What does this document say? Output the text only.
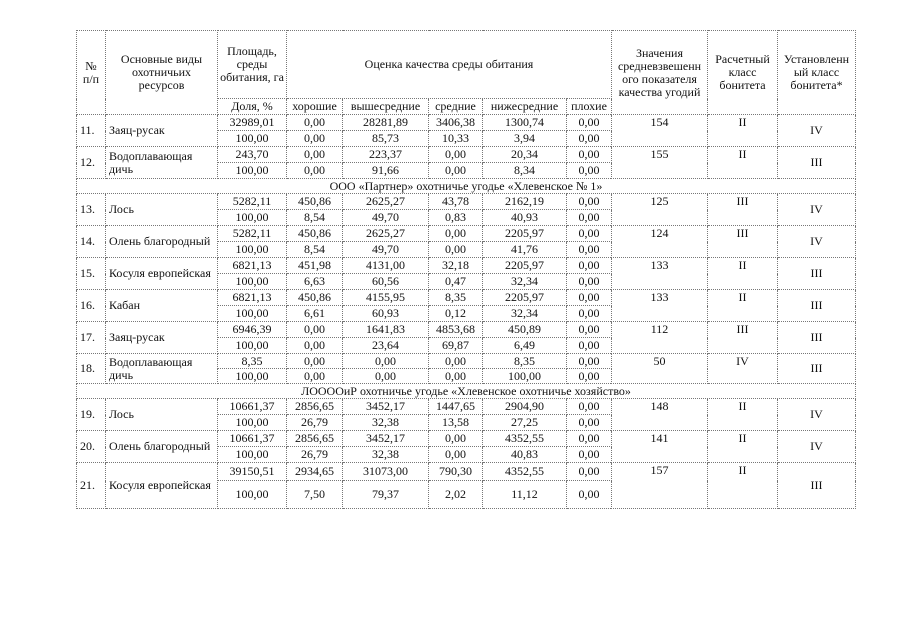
№ п/п	Основные виды охотничьих ресурсов	Площадь, среды обитания, га	Оценка качества среды обитания					Значения средневзвешенн ого показателя качества угодий	Расчетный класс бонитета	Установленн ый класс бонитета*
		Доля, %	хорошие	вышесредние	средние	нижесредние	плохие			
11.	Заяц-русак	32989,01	0,00	28281,89	3406,38	1300,74	0,00	154	II	IV
		100,00	0,00	85,73	10,33	3,94	0,00			
12.	Водоплавающая дичь	243,70	0,00	223,37	0,00	20,34	0,00	155	II	III
		100,00	0,00	91,66	0,00	8,34	0,00			
ООО «Партнер» охотничье угодье «Хлевенское № 1»										
13.	Лось	5282,11	450,86	2625,27	43,78	2162,19	0,00	125	III	IV
		100,00	8,54	49,70	0,83	40,93	0,00			
14.	Олень благородный	5282,11	450,86	2625,27	0,00	2205,97	0,00	124	III	IV
		100,00	8,54	49,70	0,00	41,76	0,00			
15.	Косуля европейская	6821,13	451,98	4131,00	32,18	2205,97	0,00	133	II	III
		100,00	6,63	60,56	0,47	32,34	0,00			
16.	Кабан	6821,13	450,86	4155,95	8,35	2205,97	0,00	133	II	III
		100,00	6,61	60,93	0,12	32,34	0,00			
17.	Заяц-русак	6946,39	0,00	1641,83	4853,68	450,89	0,00	112	III	III
		100,00	0,00	23,64	69,87	6,49	0,00			
18.	Водоплавающая дичь	8,35	0,00	0,00	0,00	8,35	0,00	50	IV	III
		100,00	0,00	0,00	0,00	100,00	0,00			
ЛООООиР охотничье угодье «Хлевенское охотничье хозяйство»										
19.	Лось	10661,37	2856,65	3452,17	1447,65	2904,90	0,00	148	II	IV
		100,00	26,79	32,38	13,58	27,25	0,00			
20.	Олень благородный	10661,37	2856,65	3452,17	0,00	4352,55	0,00	141	II	IV
		100,00	26,79	32,38	0,00	40,83	0,00			
21.	Косуля европейская	39150,51	2934,65	31073,00	790,30	4352,55	0,00	157	II	III
		100,00	7,50	79,37	2,02	11,12	0,00			
